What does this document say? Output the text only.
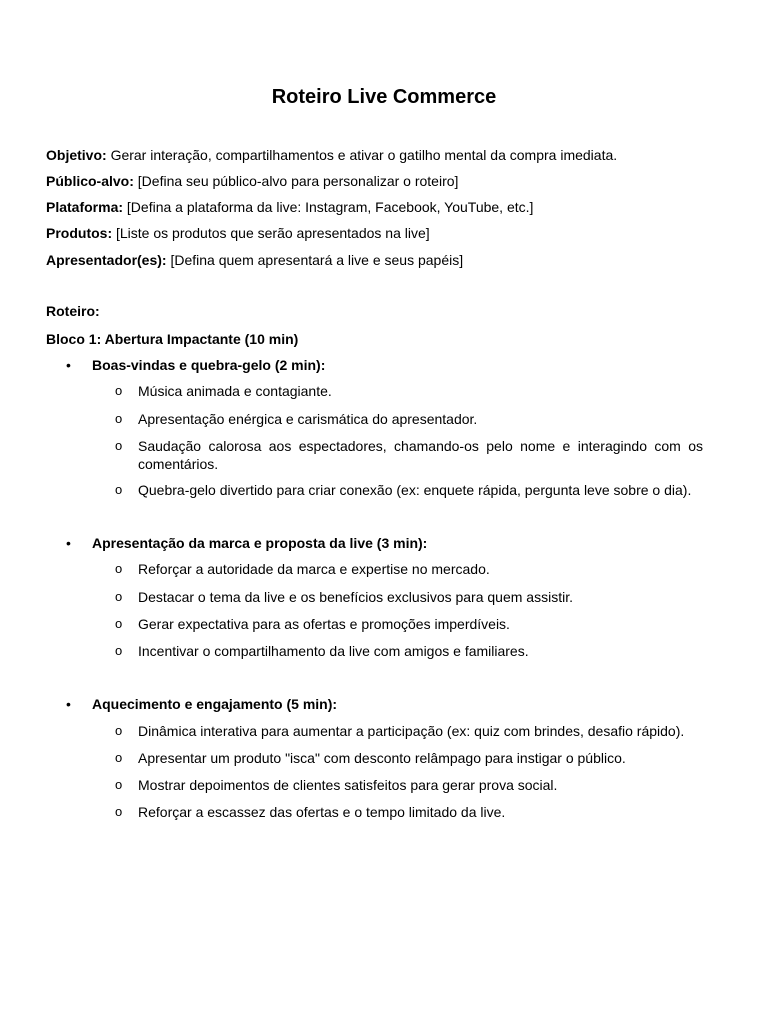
Roteiro Live Commerce
Objetivo: Gerar interação, compartilhamentos e ativar o gatilho mental da compra imediata.
Público-alvo: [Defina seu público-alvo para personalizar o roteiro]
Plataforma: [Defina a plataforma da live: Instagram, Facebook, YouTube, etc.]
Produtos: [Liste os produtos que serão apresentados na live]
Apresentador(es): [Defina quem apresentará a live e seus papéis]
Roteiro:
Bloco 1: Abertura Impactante (10 min)
• Boas-vindas e quebra-gelo (2 min):
o Música animada e contagiante.
o Apresentação enérgica e carismática do apresentador.
o Saudação calorosa aos espectadores, chamando-os pelo nome e interagindo com os comentários.
o Quebra-gelo divertido para criar conexão (ex: enquete rápida, pergunta leve sobre o dia).
• Apresentação da marca e proposta da live (3 min):
o Reforçar a autoridade da marca e expertise no mercado.
o Destacar o tema da live e os benefícios exclusivos para quem assistir.
o Gerar expectativa para as ofertas e promoções imperdíveis.
o Incentivar o compartilhamento da live com amigos e familiares.
• Aquecimento e engajamento (5 min):
o Dinâmica interativa para aumentar a participação (ex: quiz com brindes, desafio rápido).
o Apresentar um produto "isca" com desconto relâmpago para instigar o público.
o Mostrar depoimentos de clientes satisfeitos para gerar prova social.
o Reforçar a escassez das ofertas e o tempo limitado da live.
